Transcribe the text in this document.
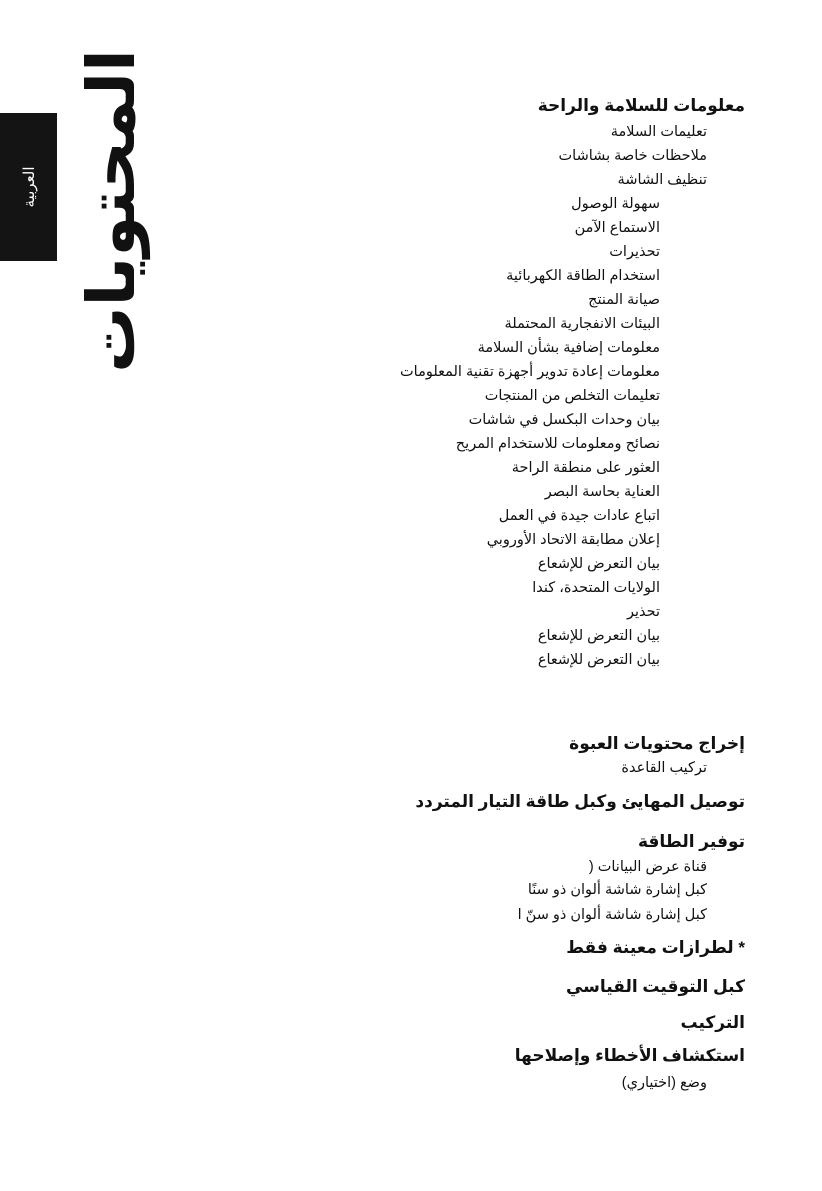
العربية المحتويات	معلومات للسلامة والراحة
تعليمات السلامة
ملاحظات خاصة بشاشات
تنظيف الشاشة
سهولة الوصول
الاستماع الآمن
تحذيرات
استخدام الطاقة الكهربائية
صيانة المنتج
البيئات الانفجارية المحتملة
معلومات إضافية بشأن السلامة
معلومات إعادة تدوير أجهزة تقنية المعلومات
تعليمات التخلص من المنتجات
بيان وحدات البكسل في شاشات
نصائح ومعلومات للاستخدام المريح
العثور على منطقة الراحة
العناية بحاسة البصر
اتباع عادات جيدة في العمل
إعلان مطابقة الاتحاد الأوروبي
بيان التعرض للإشعاع
الولايات المتحدة، كندا
تحذير
بيان التعرض للإشعاع
بيان التعرض للإشعاع
إخراج محتويات العبوة
تركيب القاعدة
توصيل المهايئ وكبل طاقة التيار المتردد
توفير الطاقة
قناة عرض البيانات (
كبل إشارة شاشة ألوان ذو سنًا
كبل إشارة شاشة ألوان ذو سنّ ا
* لطرازات معينة فقط
كبل التوقيت القياسي
التركيب
استكشاف الأخطاء وإصلاحها
وضع (اختياري)
